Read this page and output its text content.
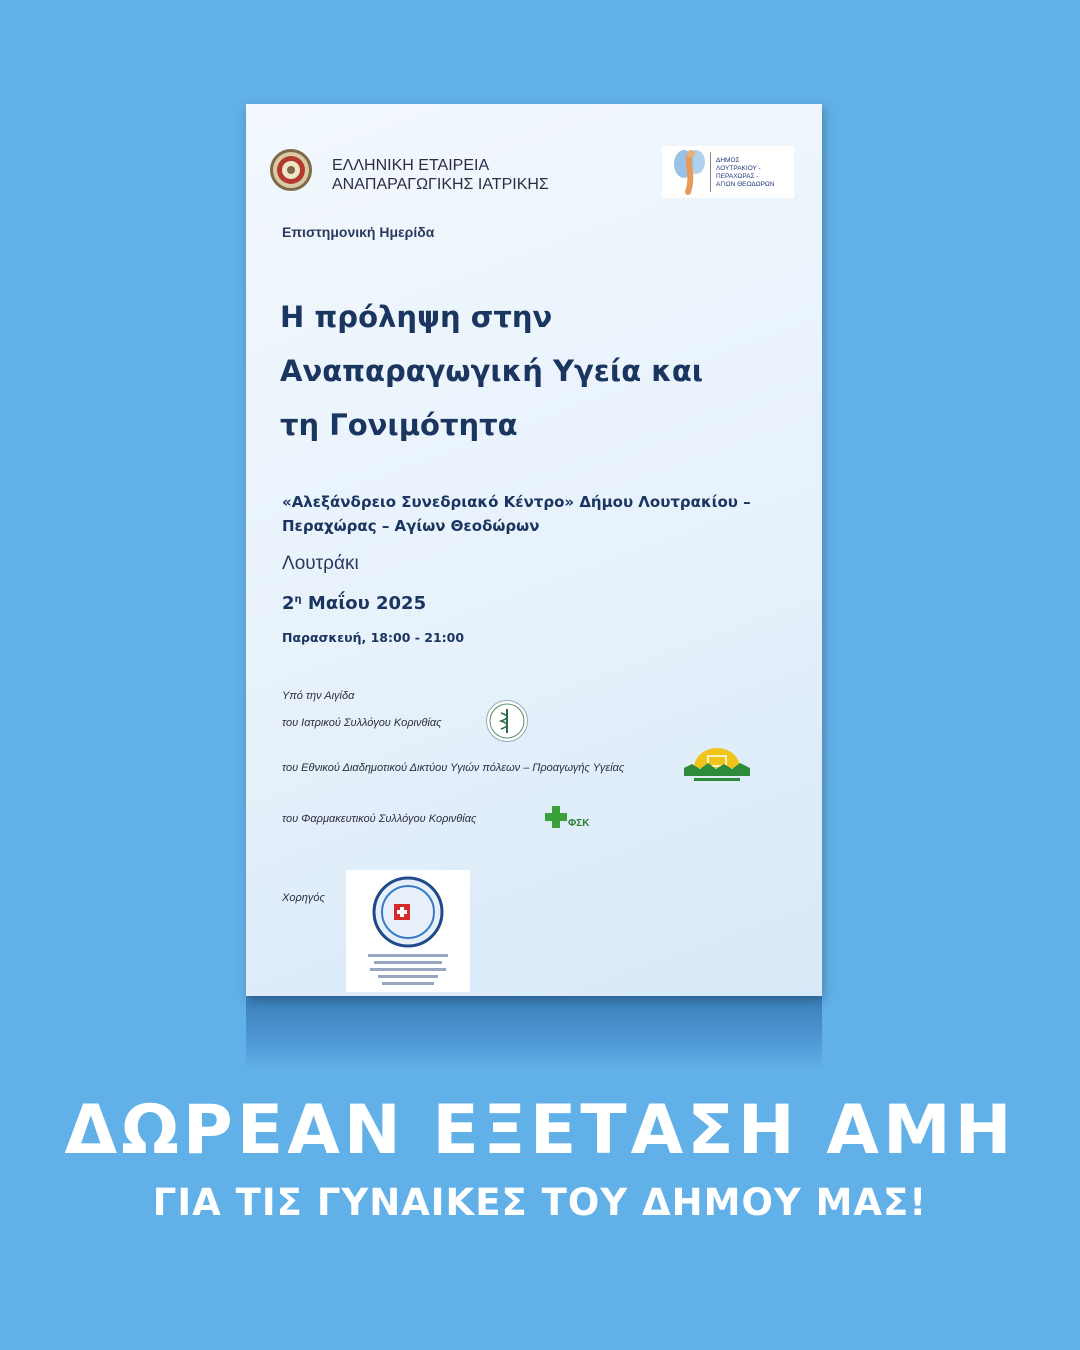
ΕΛΛΗΝΙΚΗ ΕΤΑΙΡΕΙΑ
ΑΝΑΠΑΡΑΓΩΓΙΚΗΣ ΙΑΤΡΙΚΗΣ
ΔΗΜΟΣ
ΛΟΥΤΡΑΚΙΟΥ -
ΠΕΡΑΧΩΡΑΣ -
ΑΓΙΩΝ ΘΕΟΔΩΡΩΝ
Επιστημονική Ημερίδα
Η πρόληψη στην
Αναπαραγωγική Υγεία και
τη Γονιμότητα
«Αλεξάνδρειο Συνεδριακό Κέντρο» Δήμου Λουτρακίου –
Περαχώρας – Αγίων Θεοδώρων
Λουτράκι
$2^\eta$ Μαΐου 2025
Παρασκευή, 18:00 - 21:00
Υπό την Αιγίδα
του Ιατρικού Συλλόγου Κορινθίας
του Εθνικού Διαδημοτικού Δικτύου Υγιών πόλεων – Προαγωγής Υγείας
του Φαρμακευτικού Συλλόγου Κορινθίας	ΦΣΚ
Χορηγός
ΔΩΡΕΑΝ ΕΞΕΤΑΣΗ ΑΜΗ
ΓΙΑ ΤΙΣ ΓΥΝΑΙΚΕΣ ΤΟΥ ΔΗΜΟΥ ΜΑΣ!
